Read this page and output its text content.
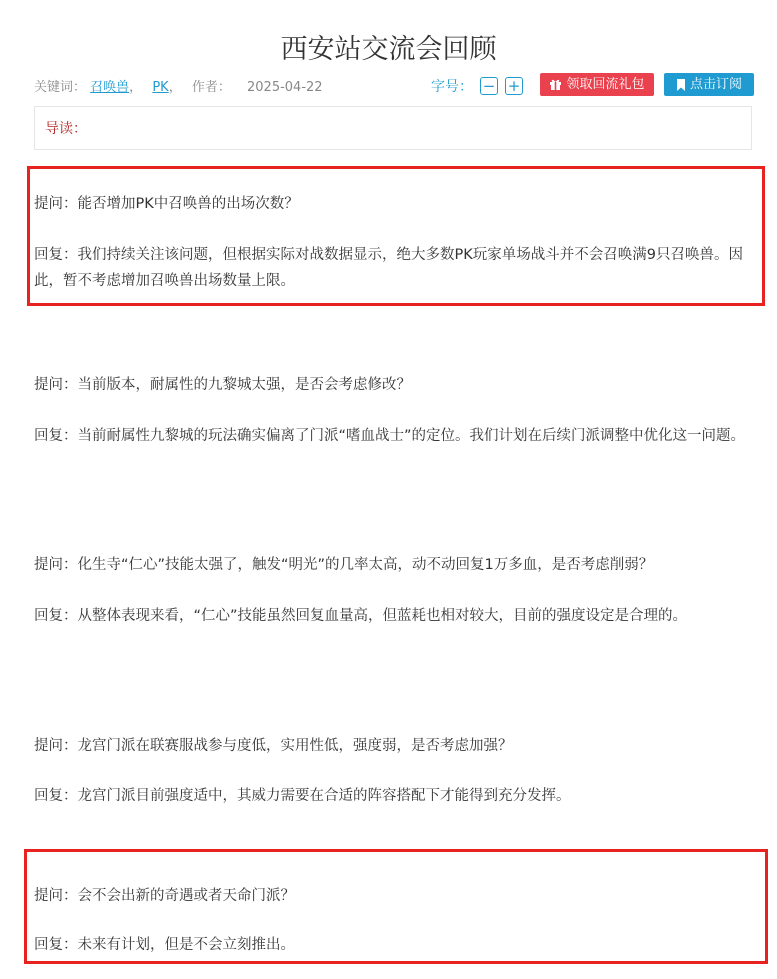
西安站交流会回顾
关键词： 召唤兽， PK， 作者： 2025-04-22	字号： − +	领取回流礼包	点击订阅
导读：
提问：能否增加PK中召唤兽的出场次数？
回复：我们持续关注该问题，但根据实际对战数据显示，绝大多数PK玩家单场战斗并不会召唤满9只召唤兽。因此，暂不考虑增加召唤兽出场数量上限。
提问：当前版本，耐属性的九黎城太强，是否会考虑修改？
回复：当前耐属性九黎城的玩法确实偏离了门派“嗜血战士”的定位。我们计划在后续门派调整中优化这一问题。
提问：化生寺“仁心”技能太强了，触发“明光”的几率太高，动不动回复1万多血，是否考虑削弱？
回复：从整体表现来看，“仁心”技能虽然回复血量高，但蓝耗也相对较大，目前的强度设定是合理的。
提问：龙宫门派在联赛服战参与度低，实用性低，强度弱，是否考虑加强？
回复：龙宫门派目前强度适中，其威力需要在合适的阵容搭配下才能得到充分发挥。
提问：会不会出新的奇遇或者天命门派？
回复：未来有计划，但是不会立刻推出。
